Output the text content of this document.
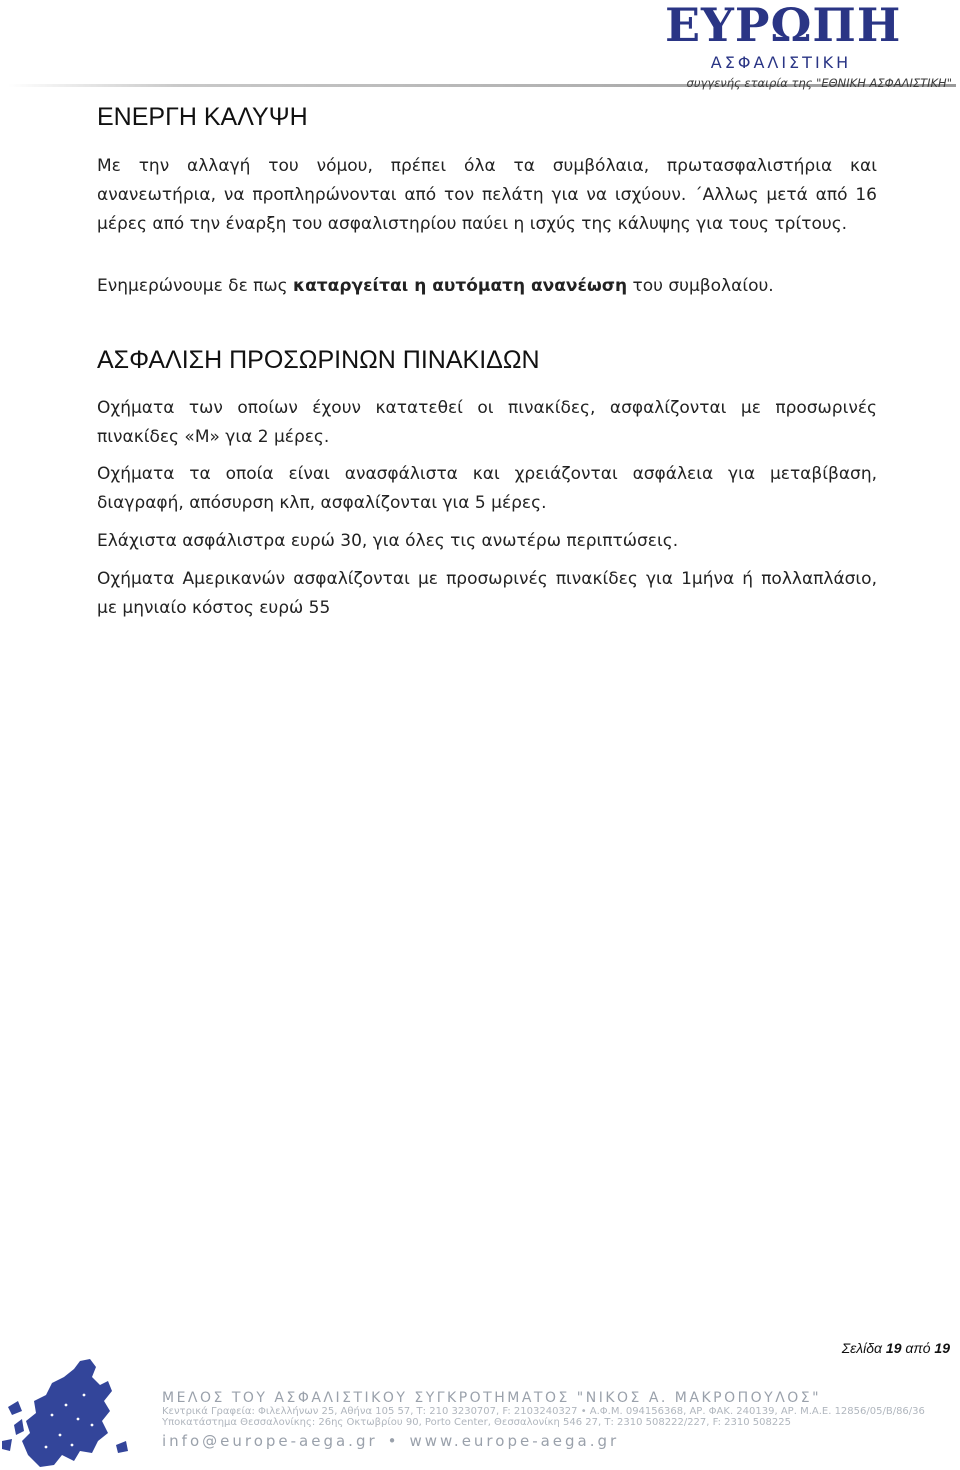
ΕΥΡΩΠΗ
ΑΣΦΑΛΙΣΤΙΚΗ
συγγενής εταιρία της "ΕΘΝΙΚΗ ΑΣΦΑΛΙΣΤΙΚΗ"
ΕΝΕΡΓΗ ΚΑΛΥΨΗ

Με την αλλαγή του νόμου, πρέπει όλα τα συμβόλαια, πρωτασφαλιστήρια και ανανεωτήρια, να προπληρώνονται από τον πελάτη για να ισχύουν. ΄Αλλως μετά από 16 μέρες από την έναρξη του ασφαλιστηρίου παύει η ισχύς της κάλυψης για τους τρίτους.

Ενημερώνουμε δε πως καταργείται η αυτόματη ανανέωση του συμβολαίου.

ΑΣΦΑΛΙΣΗ ΠΡΟΣΩΡΙΝΩΝ ΠΙΝΑΚΙΔΩΝ

Οχήματα των οποίων έχουν κατατεθεί οι πινακίδες, ασφαλίζονται με προσωρινές πινακίδες «Μ» για 2 μέρες.

Οχήματα τα οποία είναι ανασφάλιστα και χρειάζονται ασφάλεια για μεταβίβαση, διαγραφή, απόσυρση κλπ, ασφαλίζονται για 5 μέρες.

Ελάχιστα ασφάλιστρα ευρώ 30, για όλες τις ανωτέρω περιπτώσεις.

Οχήματα Αμερικανών ασφαλίζονται με προσωρινές πινακίδες για 1μήνα ή πολλαπλάσιο, με μηνιαίο κόστος ευρώ 55

Σελίδα 19 από 19
ΜΕΛΟΣ ΤΟΥ ΑΣΦΑΛΙΣΤΙΚΟΥ ΣΥΓΚΡΟΤΗΜΑΤΟΣ "ΝΙΚΟΣ Α. ΜΑΚΡΟΠΟΥΛΟΣ"
Κεντρικά Γραφεία: Φιλελλήνων 25, Αθήνα 105 57, Τ: 210 3230707, F: 2103240327 • Α.Φ.Μ. 094156368, ΑΡ. ΦΑΚ. 240139, ΑΡ. Μ.Α.Ε. 12856/05/Β/86/36
Υποκατάστημα Θεσσαλονίκης: 26ης Οκτωβρίου 90, Porto Center, Θεσσαλονίκη 546 27, Τ: 2310 508222/227, F: 2310 508225
info@europe-aega.gr • www.europe-aega.gr
